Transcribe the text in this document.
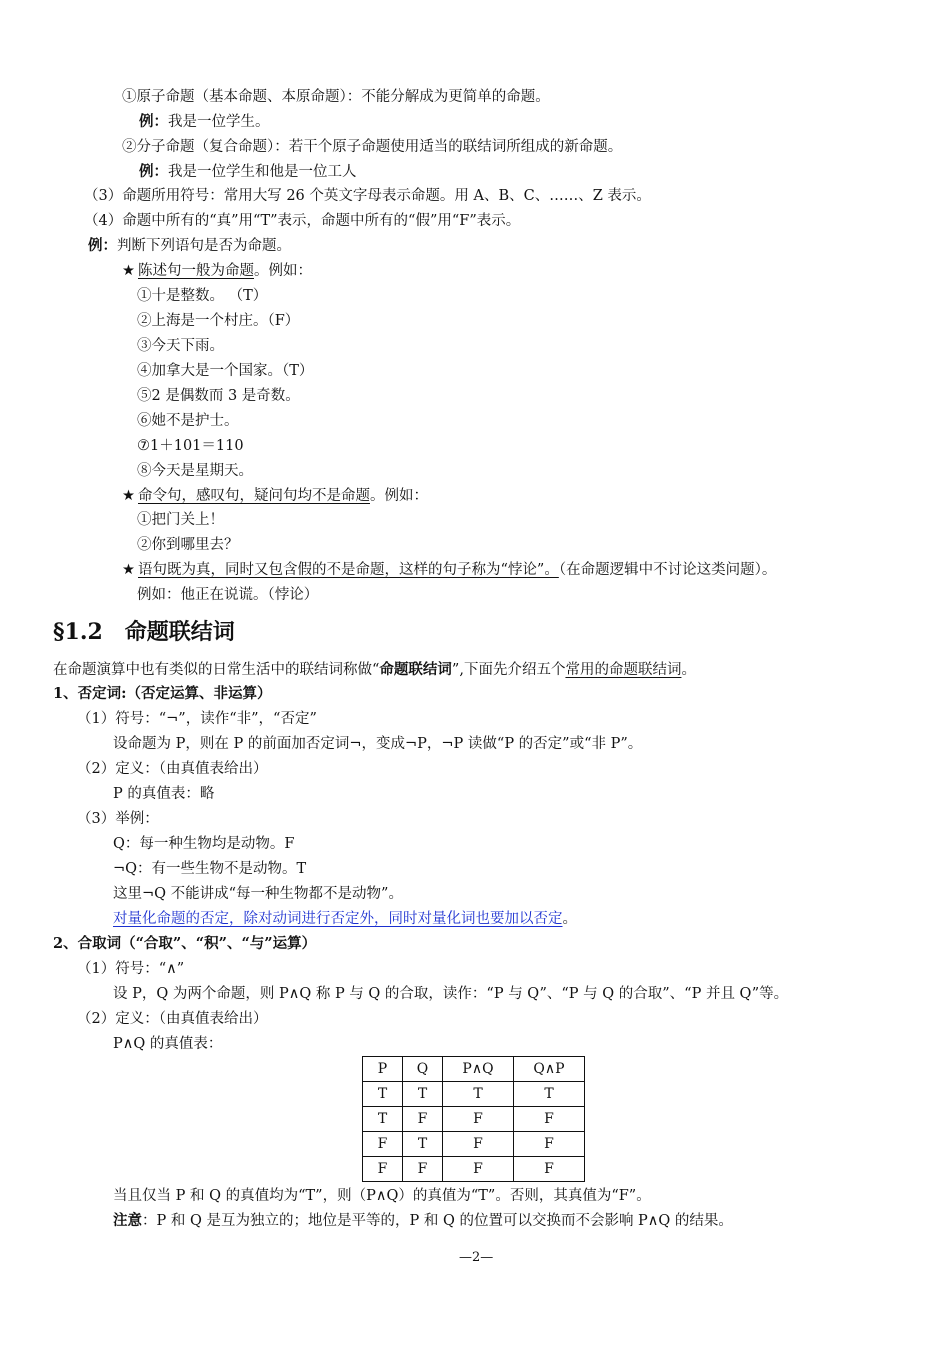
①原子命题（基本命题、本原命题）：不能分解成为更简单的命题。
例：我是一位学生。
②分子命题（复合命题）：若干个原子命题使用适当的联结词所组成的新命题。
例：我是一位学生和他是一位工人
（3）命题所用符号：常用大写 26 个英文字母表示命题。用 A、B、C、……、Z 表示。
（4）命题中所有的“真”用“T”表示，命题中所有的“假”用“F”表示。
例：判断下列语句是否为命题。
★ 陈述句一般为命题。例如：
①十是整数。 （T）
②上海是一个村庄。（F）
③今天下雨。
④加拿大是一个国家。（T）
⑤2 是偶数而 3 是奇数。
⑥她不是护士。
⑦1＋101＝110
⑧今天是星期天。
★ 命令句，感叹句，疑问句均不是命题。例如：
①把门关上！
②你到哪里去？
★ 语句既为真，同时又包含假的不是命题，这样的句子称为“悖论”。（在命题逻辑中不讨论这类问题）。
例如：他正在说谎。（悖论）
§1.2 命题联结词
在命题演算中也有类似的日常生活中的联结词称做“命题联结词”,下面先介绍五个常用的命题联结词。
1、否定词:（否定运算、非运算）
（1）符号：“¬”，读作“非”，“否定”
设命题为 P，则在 P 的前面加否定词¬，变成¬P，¬P 读做“P 的否定”或“非 P”。
（2）定义：（由真值表给出）
P 的真值表：略
（3）举例：
Q：每一种生物均是动物。F
¬Q：有一些生物不是动物。T
这里¬Q 不能讲成“每一种生物都不是动物”。
对量化命题的否定，除对动词进行否定外，同时对量化词也要加以否定。
2、合取词（“合取”、“积”、“与”运算）
（1）符号：“∧”
设 P，Q 为两个命题，则 P∧Q 称 P 与 Q 的合取，读作：“P 与 Q”、“P 与 Q 的合取”、“P 并且 Q”等。
（2）定义：（由真值表给出）
P∧Q 的真值表：
P	Q	P∧Q	Q∧P
T	T	T	T
T	F	F	F
F	T	F	F
F	F	F	F
当且仅当 P 和 Q 的真值均为“T”，则（P∧Q）的真值为“T”。否则，其真值为“F”。
注意：P 和 Q 是互为独立的；地位是平等的，P 和 Q 的位置可以交换而不会影响 P∧Q 的结果。
—2—
